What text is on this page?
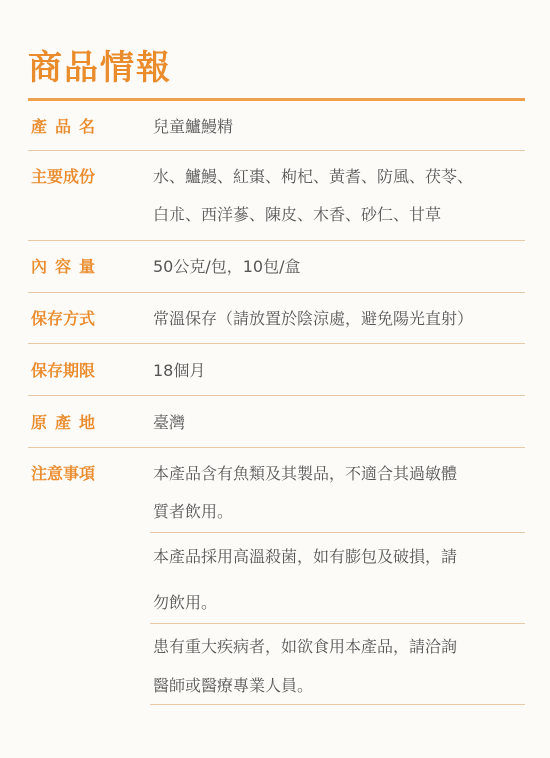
商品情報
產品名	兒童鱸鰻精
主要成份	水、鱸鰻、紅棗、枸杞、黃耆、防風、茯苓、
白朮、西洋蔘、陳皮、木香、砂仁、甘草
內容量	50公克/包，10包/盒
保存方式	常溫保存（請放置於陰涼處，避免陽光直射）
保存期限	18個月
原產地	臺灣
注意事項	本產品含有魚類及其製品，不適合其過敏體
質者飲用。
本產品採用高溫殺菌，如有膨包及破損，請
勿飲用。
患有重大疾病者，如欲食用本產品，請洽詢
醫師或醫療專業人員。
